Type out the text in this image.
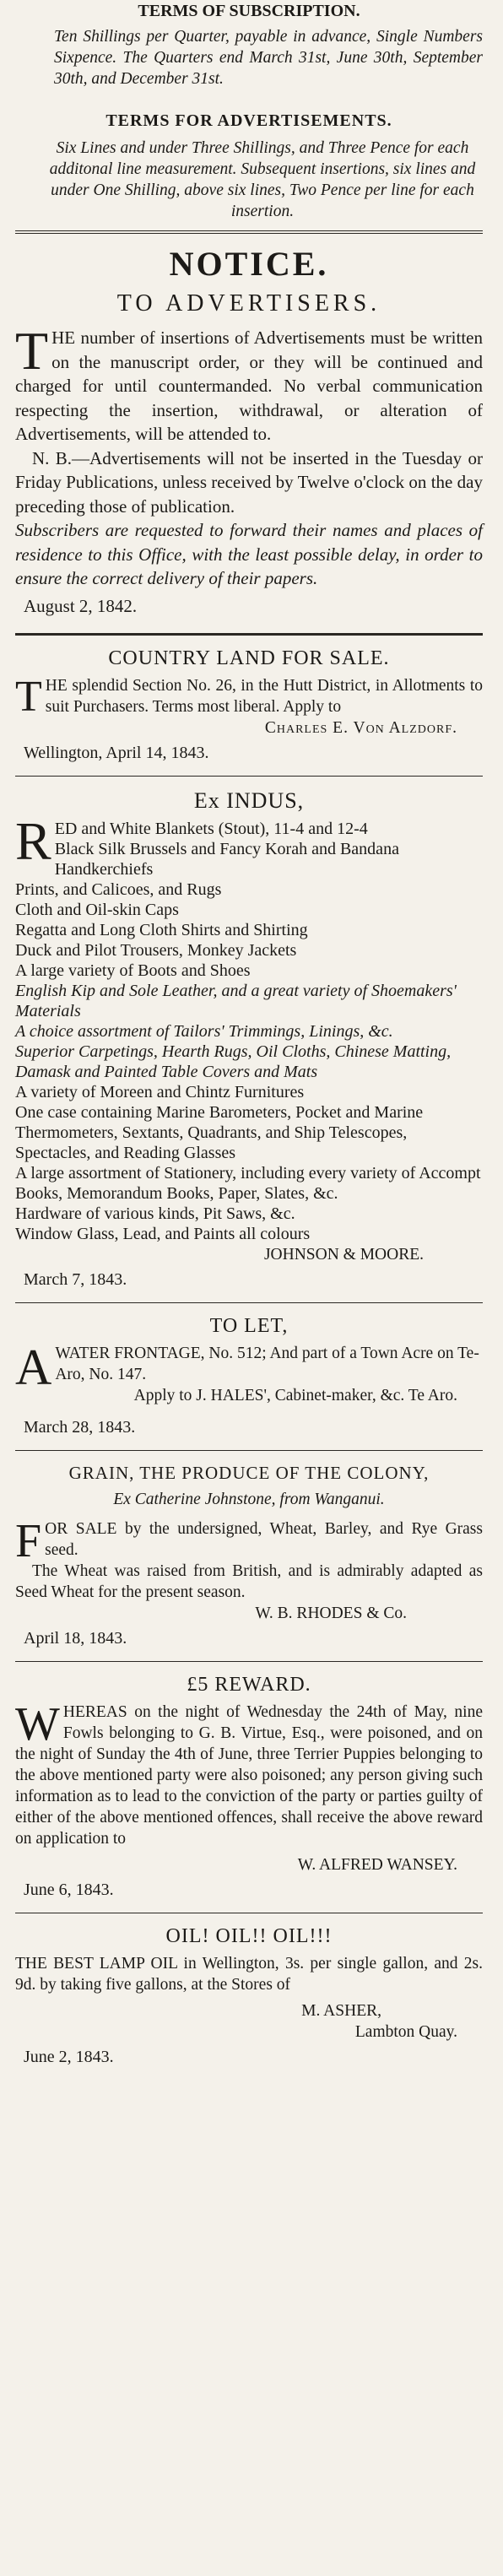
TERMS OF SUBSCRIPTION.

Ten Shillings per Quarter, payable in advance, Single Numbers Sixpence. The Quarters end March 31st, June 30th, September 30th, and December 31st.

TERMS FOR ADVERTISEMENTS.

Six Lines and under Three Shillings, and Three Pence for each additonal line measurement. Subsequent insertions, six lines and under One Shilling, above six lines, Two Pence per line for each insertion.

NOTICE.
TO ADVERTISERS.
T HE number of insertions of Advertisements must be written on the manuscript order, or they will be continued and charged for until countermanded. No verbal communication respecting the insertion, withdrawal, or alteration of Advertisements, will be attended to.

N. B.—Advertisements will not be inserted in the Tuesday or Friday Publications, unless received by Twelve o'clock on the day preceding those of publication.

Subscribers are requested to forward their names and places of residence to this Office, with the least possible delay, in order to ensure the correct delivery of their papers.

August 2, 1842.

COUNTRY LAND FOR SALE.
T HE splendid Section No. 26, in the Hutt District, in Allotments to suit Purchasers. Terms most liberal. Apply to

Charles E. Von Alzdorf.

Wellington, April 14, 1843.

Ex INDUS,
R ED and White Blankets (Stout), 11-4 and 12-4
Black Silk Brussels and Fancy Korah and Bandana Handkerchiefs
Prints, and Calicoes, and Rugs
Cloth and Oil-skin Caps
Regatta and Long Cloth Shirts and Shirting
Duck and Pilot Trousers, Monkey Jackets
A large variety of Boots and Shoes
English Kip and Sole Leather, and a great variety of Shoemakers' Materials
A choice assortment of Tailors' Trimmings, Linings, &c.
Superior Carpetings, Hearth Rugs, Oil Cloths, Chinese Matting, Damask and Painted Table Covers and Mats
A variety of Moreen and Chintz Furnitures
One case containing Marine Barometers, Pocket and Marine Thermometers, Sextants, Quadrants, and Ship Telescopes, Spectacles, and Reading Glasses
A large assortment of Stationery, including every variety of Accompt Books, Memorandum Books, Paper, Slates, &c.
Hardware of various kinds, Pit Saws, &c.
Window Glass, Lead, and Paints all colours

JOHNSON & MOORE.

March 7, 1843.

TO LET,
A WATER FRONTAGE, No. 512; And part of a Town Acre on Te-Aro, No. 147.

Apply to J. HALES', Cabinet-maker, &c. Te Aro.

March 28, 1843.

GRAIN, THE PRODUCE OF THE COLONY,

Ex Catherine Johnstone, from Wanganui.

F OR SALE by the undersigned, Wheat, Barley, and Rye Grass seed.

The Wheat was raised from British, and is admirably adapted as Seed Wheat for the present season.

W. B. RHODES & Co.

April 18, 1843.

£5 REWARD.
W HEREAS on the night of Wednesday the 24th of May, nine Fowls belonging to G. B. Virtue, Esq., were poisoned, and on the night of Sunday the 4th of June, three Terrier Puppies belonging to the above mentioned party were also poisoned; any person giving such information as to lead to the conviction of the party or parties guilty of either of the above mentioned offences, shall receive the above reward on application to

W. ALFRED WANSEY.

June 6, 1843.

OIL! OIL!! OIL!!!

THE BEST LAMP OIL in Wellington, 3s. per single gallon, and 2s. 9d. by taking five gallons, at the Stores of

M. ASHER,

Lambton Quay.

June 2, 1843.
